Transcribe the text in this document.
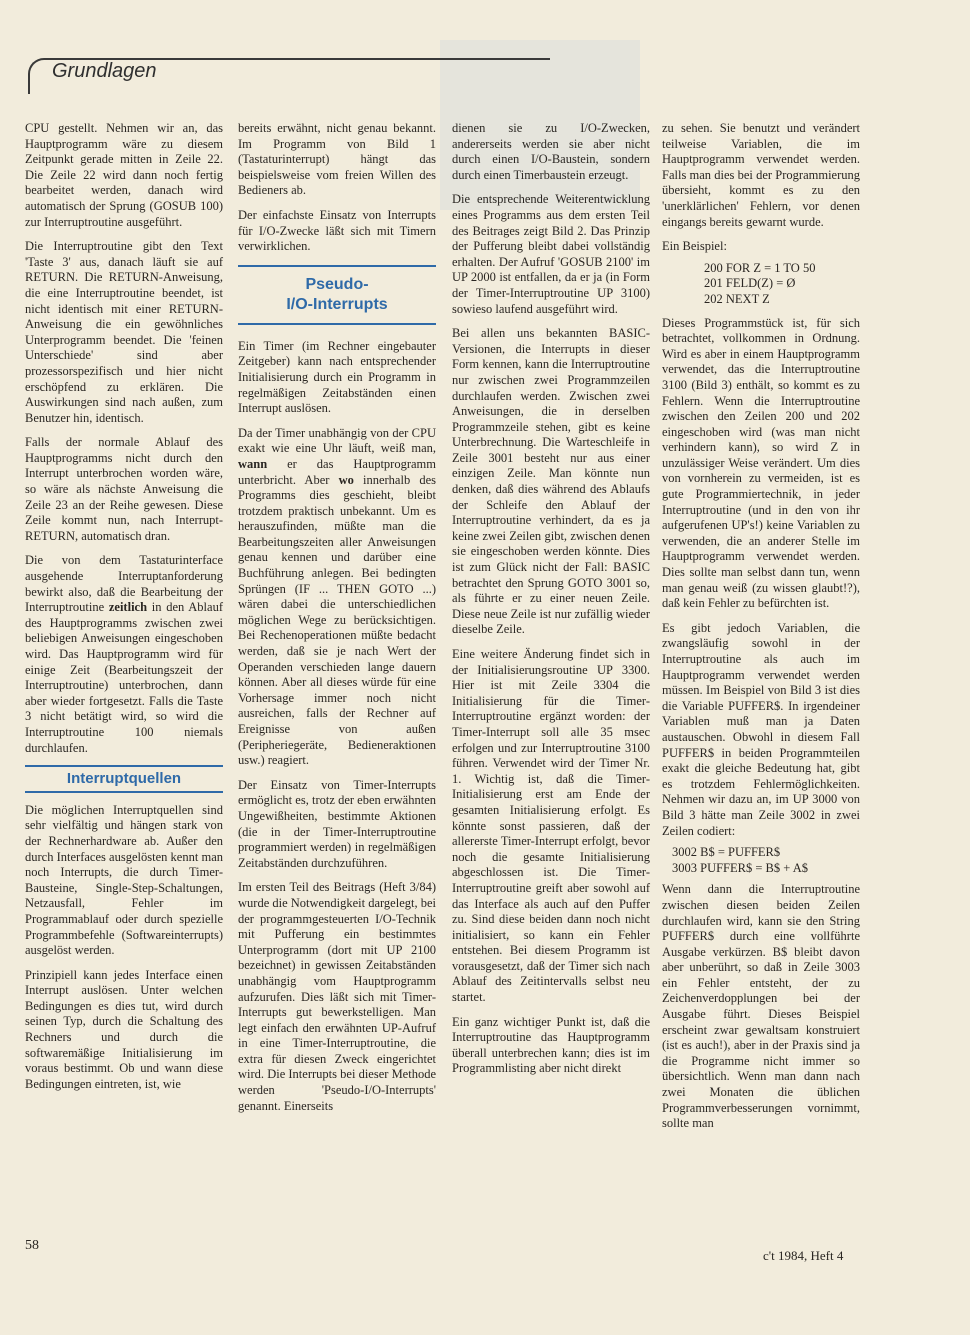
Grundlagen

CPU gestellt. Nehmen wir an, das Hauptprogramm wäre zu diesem Zeitpunkt gerade mitten in Zeile 22. Die Zeile 22 wird dann noch fertig bearbeitet werden, danach wird automatisch der Sprung (GOSUB 100) zur Interruptroutine ausgeführt.

Die Interruptroutine gibt den Text 'Taste 3' aus, danach läuft sie auf RETURN. Die RETURN-Anweisung, die eine Interruptroutine beendet, ist nicht identisch mit einer RETURN-Anweisung die ein gewöhnliches Unterprogramm beendet. Die 'feinen Unterschiede' sind aber prozessorspezifisch und hier nicht erschöpfend zu erklären. Die Auswirkungen sind nach außen, zum Benutzer hin, identisch.

Falls der normale Ablauf des Hauptprogramms nicht durch den Interrupt unterbrochen worden wäre, so wäre als nächste Anweisung die Zeile 23 an der Reihe gewesen. Diese Zeile kommt nun, nach Interrupt-RETURN, automatisch dran.

Die von dem Tastaturinterface ausgehende Interruptanforderung bewirkt also, daß die Bearbeitung der Interruptroutine zeitlich in den Ablauf des Hauptprogramms zwischen zwei beliebigen Anweisungen eingeschoben wird. Das Hauptprogramm wird für einige Zeit (Bearbeitungszeit der Interruptroutine) unterbrochen, dann aber wieder fortgesetzt. Falls die Taste 3 nicht betätigt wird, so wird die Interruptroutine 100 niemals durchlaufen.

Interruptquellen

Die möglichen Interruptquellen sind sehr vielfältig und hängen stark von der Rechnerhardware ab. Außer den durch Interfaces ausgelösten kennt man noch Interrupts, die durch Timer-Bausteine, Single-Step-Schaltungen, Netzausfall, Fehler im Programmablauf oder durch spezielle Programmbefehle (Softwareinterrupts) ausgelöst werden.

Prinzipiell kann jedes Interface einen Interrupt auslösen. Unter welchen Bedingungen es dies tut, wird durch seinen Typ, durch die Schaltung des Rechners und durch die softwaremäßige Initialisierung im voraus bestimmt. Ob und wann diese Bedingungen eintreten, ist, wie

bereits erwähnt, nicht genau bekannt. Im Programm von Bild 1 (Tastaturinterrupt) hängt das beispielsweise vom freien Willen des Bedieners ab.

Der einfachste Einsatz von Interrupts für I/O-Zwecke läßt sich mit Timern verwirklichen.

Pseudo-
I/O-Interrupts

Ein Timer (im Rechner eingebauter Zeitgeber) kann nach entsprechender Initialisierung durch ein Programm in regelmäßigen Zeitabständen einen Interrupt auslösen.

Da der Timer unabhängig von der CPU exakt wie eine Uhr läuft, weiß man, wann er das Hauptprogramm unterbricht. Aber wo innerhalb des Programms dies geschieht, bleibt trotzdem praktisch unbekannt. Um es herauszufinden, müßte man die Bearbeitungszeiten aller Anweisungen genau kennen und darüber eine Buchführung anlegen. Bei bedingten Sprüngen (IF ... THEN GOTO ...) wären dabei die unterschiedlichen möglichen Wege zu berücksichtigen. Bei Rechenoperationen müßte bedacht werden, daß sie je nach Wert der Operanden verschieden lange dauern können. Aber all dieses würde für eine Vorhersage immer noch nicht ausreichen, falls der Rechner auf Ereignisse von außen (Peripheriegeräte, Bedieneraktionen usw.) reagiert.

Der Einsatz von Timer-Interrupts ermöglicht es, trotz der eben erwähnten Ungewißheiten, bestimmte Aktionen (die in der Timer-Interruptroutine programmiert werden) in regelmäßigen Zeitabständen durchzuführen.

Im ersten Teil des Beitrags (Heft 3/84) wurde die Notwendigkeit dargelegt, bei der programmgesteuerten I/O-Technik mit Pufferung ein bestimmtes Unterprogramm (dort mit UP 2100 bezeichnet) in gewissen Zeitabständen unabhängig vom Hauptprogramm aufzurufen. Dies läßt sich mit Timer-Interrupts gut bewerkstelligen. Man legt einfach den erwähnten UP-Aufruf in eine Timer-Interruptroutine, die extra für diesen Zweck eingerichtet wird. Die Interrupts bei dieser Methode werden 'Pseudo-I/O-Interrupts' genannt. Einerseits

dienen sie zu I/O-Zwecken, andererseits werden sie aber nicht durch einen I/O-Baustein, sondern durch einen Timerbaustein erzeugt.

Die entsprechende Weiterentwicklung eines Programms aus dem ersten Teil des Beitrages zeigt Bild 2. Das Prinzip der Pufferung bleibt dabei vollständig erhalten. Der Aufruf 'GOSUB 2100' im UP 2000 ist entfallen, da er ja (in Form der Timer-Interruptroutine UP 3100) sowieso laufend ausgeführt wird.

Bei allen uns bekannten BASIC-Versionen, die Interrupts in dieser Form kennen, kann die Interruptroutine nur zwischen zwei Programmzeilen durchlaufen werden. Zwischen zwei Anweisungen, die in derselben Programmzeile stehen, gibt es keine Unterbrechnung. Die Warteschleife in Zeile 3001 besteht nur aus einer einzigen Zeile. Man könnte nun denken, daß dies während des Ablaufs der Schleife den Ablauf der Interruptroutine verhindert, da es ja keine zwei Zeilen gibt, zwischen denen sie eingeschoben werden könnte. Dies ist zum Glück nicht der Fall: BASIC betrachtet den Sprung GOTO 3001 so, als führte er zu einer neuen Zeile. Diese neue Zeile ist nur zufällig wieder dieselbe Zeile.

Eine weitere Änderung findet sich in der Initialisierungsroutine UP 3300. Hier ist mit Zeile 3304 die Initialisierung für die Timer-Interruptroutine ergänzt worden: der Timer-Interrupt soll alle 35 msec erfolgen und zur Interruptroutine 3100 führen. Verwendet wird der Timer Nr. 1. Wichtig ist, daß die Timer-Initialisierung erst am Ende der gesamten Initialisierung erfolgt. Es könnte sonst passieren, daß der allererste Timer-Interrupt erfolgt, bevor noch die gesamte Initialisierung abgeschlossen ist. Die Timer-Interruptroutine greift aber sowohl auf das Interface als auch auf den Puffer zu. Sind diese beiden dann noch nicht initialisiert, so kann ein Fehler entstehen. Bei diesem Programm ist vorausgesetzt, daß der Timer sich nach Ablauf des Zeitintervalls selbst neu startet.

Ein ganz wichtiger Punkt ist, daß die Interruptroutine das Hauptprogramm überall unterbrechen kann; dies ist im Programmlisting aber nicht direkt

zu sehen. Sie benutzt und verändert teilweise Variablen, die im Hauptprogramm verwendet werden. Falls man dies bei der Programmierung übersieht, kommt es zu den 'unerklärlichen' Fehlern, vor denen eingangs bereits gewarnt wurde.

Ein Beispiel:

200 FOR Z = 1 TO 50
201 FELD(Z) = Ø
202 NEXT Z

Dieses Programmstück ist, für sich betrachtet, vollkommen in Ordnung. Wird es aber in einem Hauptprogramm verwendet, das die Interruptroutine 3100 (Bild 3) enthält, so kommt es zu Fehlern. Wenn die Interruptroutine zwischen den Zeilen 200 und 202 eingeschoben wird (was man nicht verhindern kann), so wird Z in unzulässiger Weise verändert. Um dies von vornherein zu vermeiden, ist es gute Programmiertechnik, in jeder Interruptroutine (und in den von ihr aufgerufenen UP's!) keine Variablen zu verwenden, die an anderer Stelle im Hauptprogramm verwendet werden. Dies sollte man selbst dann tun, wenn man genau weiß (zu wissen glaubt!?), daß kein Fehler zu befürchten ist.

Es gibt jedoch Variablen, die zwangsläufig sowohl in der Interruptroutine als auch im Hauptprogramm verwendet werden müssen. Im Beispiel von Bild 3 ist dies die Variable PUFFER$. In irgendeiner Variablen muß man ja Daten austauschen. Obwohl in diesem Fall PUFFER$ in beiden Programmteilen exakt die gleiche Bedeutung hat, gibt es trotzdem Fehlermöglichkeiten. Nehmen wir dazu an, im UP 3000 von Bild 3 hätte man Zeile 3002 in zwei Zeilen codiert:

3002 B$ = PUFFER$
3003 PUFFER$ = B$ + A$

Wenn dann die Interruptroutine zwischen diesen beiden Zeilen durchlaufen wird, kann sie den String PUFFER$ durch eine vollführte Ausgabe verkürzen. B$ bleibt davon aber unberührt, so daß in Zeile 3003 ein Fehler entsteht, der zu Zeichenverdopplungen bei der Ausgabe führt. Dieses Beispiel erscheint zwar gewaltsam konstruiert (ist es auch!), aber in der Praxis sind ja die Programme nicht immer so übersichtlich. Wenn man dann nach zwei Monaten die üblichen Programmverbesserungen vornimmt, sollte man

58
c't 1984, Heft 4
